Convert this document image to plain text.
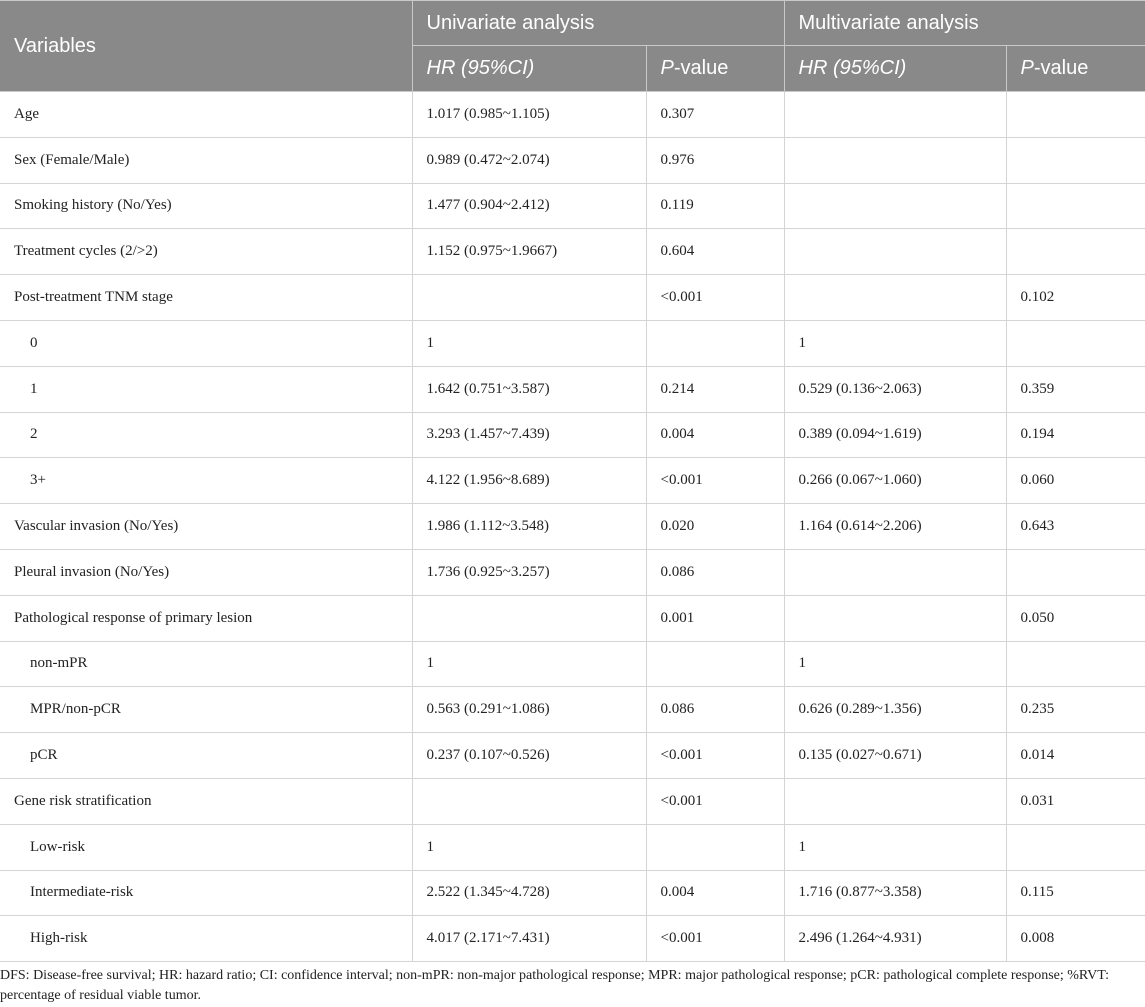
Variables	Univariate analysis		Multivariate analysis	
	HR (95%CI)	P-value	HR (95%CI)	P-value
Age	1.017 (0.985~1.105)	0.307		
Sex (Female/Male)	0.989 (0.472~2.074)	0.976		
Smoking history (No/Yes)	1.477 (0.904~2.412)	0.119		
Treatment cycles (2/>2)	1.152 (0.975~1.9667)	0.604		
Post-treatment TNM stage		<0.001		0.102
0	1		1	
1	1.642 (0.751~3.587)	0.214	0.529 (0.136~2.063)	0.359
2	3.293 (1.457~7.439)	0.004	0.389 (0.094~1.619)	0.194
3+	4.122 (1.956~8.689)	<0.001	0.266 (0.067~1.060)	0.060
Vascular invasion (No/Yes)	1.986 (1.112~3.548)	0.020	1.164 (0.614~2.206)	0.643
Pleural invasion (No/Yes)	1.736 (0.925~3.257)	0.086		
Pathological response of primary lesion		0.001		0.050
non-mPR	1		1	
MPR/non-pCR	0.563 (0.291~1.086)	0.086	0.626 (0.289~1.356)	0.235
pCR	0.237 (0.107~0.526)	<0.001	0.135 (0.027~0.671)	0.014
Gene risk stratification		<0.001		0.031
Low-risk	1		1	
Intermediate-risk	2.522 (1.345~4.728)	0.004	1.716 (0.877~3.358)	0.115
High-risk	4.017 (2.171~7.431)	<0.001	2.496 (1.264~4.931)	0.008
DFS: Disease-free survival; HR: hazard ratio; CI: confidence interval; non-mPR: non-major pathological response; MPR: major pathological response; pCR: pathological complete response; %RVT: percentage of residual viable tumor.
